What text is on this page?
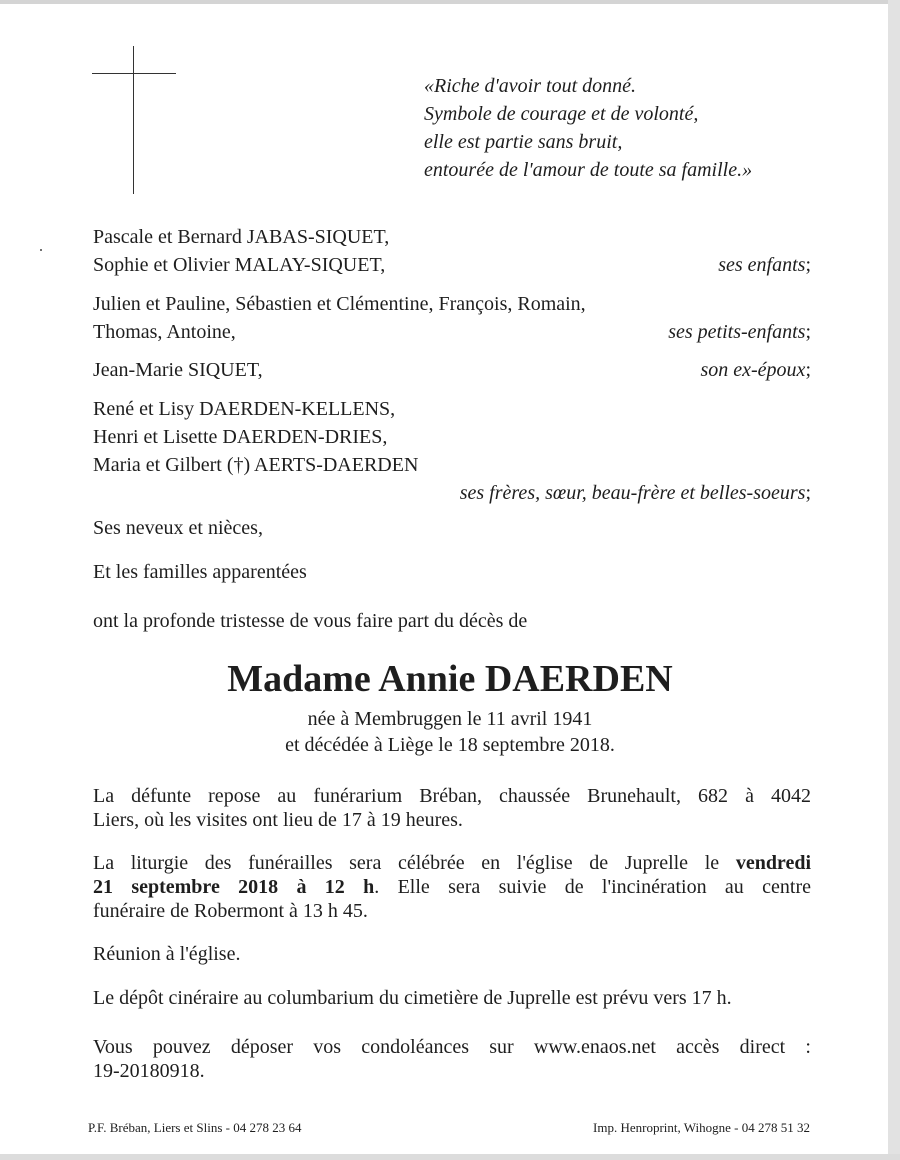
«Riche d'avoir tout donné.
Symbole de courage et de volonté,
elle est partie sans bruit,
entourée de l'amour de toute sa famille.»
Pascale et Bernard JABAS-SIQUET,
Sophie et Olivier MALAY-SIQUET,	ses enfants;
Julien et Pauline, Sébastien et Clémentine, François, Romain,
Thomas, Antoine,	ses petits-enfants;
Jean-Marie SIQUET,	son ex-époux;
René et Lisy DAERDEN-KELLENS,
Henri et Lisette DAERDEN-DRIES,
Maria et Gilbert (†) AERTS-DAERDEN
ses frères, sœur, beau-frère et belles-soeurs;
Ses neveux et nièces,
Et les familles apparentées
ont la profonde tristesse de vous faire part du décès de
Madame Annie DAERDEN
née à Membruggen le 11 avril 1941
et décédée à Liège le 18 septembre 2018.
La défunte repose au funérarium Bréban, chaussée Brunehault, 682 à 4042
Liers, où les visites ont lieu de 17 à 19 heures.
La liturgie des funérailles sera célébrée en l'église de Juprelle le vendredi
21 septembre 2018 à 12 h. Elle sera suivie de l'incinération au centre
funéraire de Robermont à 13 h 45.
Réunion à l'église.
Le dépôt cinéraire au columbarium du cimetière de Juprelle est prévu vers 17 h.
Vous pouvez déposer vos condoléances sur www.enaos.net accès direct :
19-20180918.
P.F. Bréban, Liers et Slins - 04 278 23 64	Imp. Henroprint, Wihogne - 04 278 51 32
